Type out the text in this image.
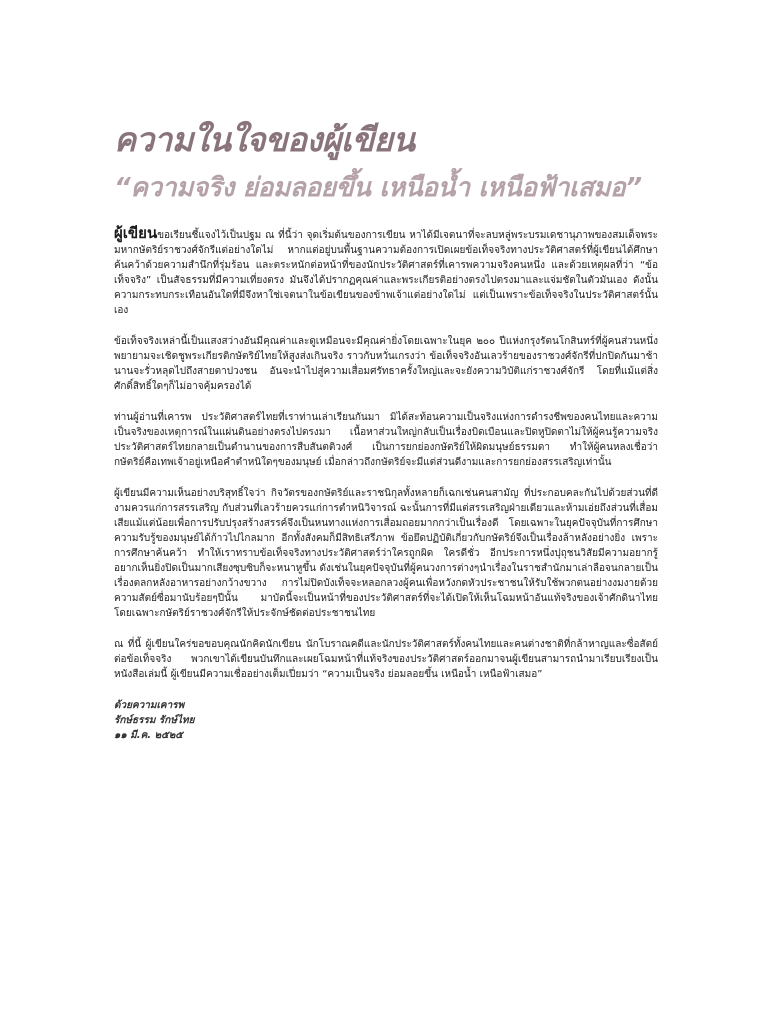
ความในใจของผู้เขียน
“ความจริง ย่อมลอยขึ้น เหนือน้ำ เหนือฟ้าเสมอ”

ผู้เขียนขอเรียนชี้แจงไว้เป็นปฐม ณ ที่นี้ว่า จุดเริ่มต้นของการเขียน หาได้มีเจตนาที่จะลบหลู่พระบรมเดชานุภาพของสมเด็จพระมหากษัตริย์ราชวงศ์จักรีแต่อย่างใดไม่ หากแต่อยู่บนพื้นฐานความต้องการเปิดเผยข้อเท็จจริงทางประวัติศาสตร์ที่ผู้เขียนได้ศึกษาค้นคว้าด้วยความสำนึกที่รุ่มร้อน และตระหนักต่อหน้าที่ของนักประวัติศาสตร์ที่เคารพความจริงคนหนึ่ง และด้วยเหตุผลที่ว่า “ข้อเท็จจริง” เป็นสัจธรรมที่มีความเที่ยงตรง มันจึงได้ปรากฏคุณค่าและพระเกียรติอย่างตรงไปตรงมาและแจ่มชัดในตัวมันเอง ดังนั้นความกระทบกระเทือนอันใดที่มีจึงหาใช่เจตนาในข้อเขียนของข้าพเจ้าแต่อย่างใดไม่ แต่เป็นเพราะข้อเท็จจริงในประวัติศาสตร์นั้นเอง

ข้อเท็จจริงเหล่านี้เป็นแสงสว่างอันมีคุณค่าและดูเหมือนจะมีคุณค่ายิ่งโดยเฉพาะในยุค ๒๐๐ ปีแห่งกรุงรัตนโกสินทร์ที่ผู้คนส่วนหนึ่งพยายามจะเชิดชูพระเกียรติกษัตริย์ไทยให้สูงส่งเกินจริง ราวกับหวั่นเกรงว่า ข้อเท็จจริงอันเลวร้ายของราชวงศ์จักรีที่ปกปิดกันมาช้านานจะรั่วหลุดไปถึงสายตาปวงชน อันจะนำไปสู่ความเสื่อมศรัทธาครั้งใหญ่และจะยังความวิบัติแก่ราชวงศ์จักรี โดยที่แม้แต่สิ่งศักดิ์สิทธิ์ใดๆก็ไม่อาจคุ้มครองได้

ท่านผู้อ่านที่เคารพ ประวัติศาสตร์ไทยที่เราท่านเล่าเรียนกันมา มิได้สะท้อนความเป็นจริงแห่งการดำรงชีพของคนไทยและความเป็นจริงของเหตุการณ์ในแผ่นดินอย่างตรงไปตรงมา เนื้อหาส่วนใหญ่กลับเป็นเรื่องบิดเบือนและปิดหูปิดตาไม่ให้ผู้คนรู้ความจริง ประวัติศาสตร์ไทยกลายเป็นตำนานของการสืบสันตติวงศ์ เป็นการยกย่องกษัตริย์ให้ผิดมนุษย์ธรรมดา ทำให้ผู้คนหลงเชื่อว่า กษัตริย์คือเทพเจ้าอยู่เหนือคำตำหนิใดๆของมนุษย์ เมื่อกล่าวถึงกษัตริย์จะมีแต่ส่วนดีงามและการยกย่องสรรเสริญเท่านั้น

ผู้เขียนมีความเห็นอย่างบริสุทธิ์ใจว่า กิจวัตรของกษัตริย์และราชนิกุลทั้งหลายก็เฉกเช่นคนสามัญ ที่ประกอบคละกันไปด้วยส่วนที่ดีงามควรแก่การสรรเสริญ กับส่วนที่เลวร้ายควรแก่การตำหนิวิจารณ์ ฉะนั้นการที่มีแต่สรรเสริญฝ่ายเดียวและห้ามเอ่ยถึงส่วนที่เสื่อมเสียแม้แต่น้อยเพื่อการปรับปรุงสร้างสรรค์จึงเป็นหนทางแห่งการเสื่อมถอยมากกว่าเป็นเรื่องดี โดยเฉพาะในยุคปัจจุบันที่การศึกษา ความรับรู้ของมนุษย์ได้ก้าวไปไกลมาก อีกทั้งสังคมก็มีสิทธิเสรีภาพ ข้อยึดปฏิบัติเกี่ยวกับกษัตริย์จึงเป็นเรื่องล้าหลังอย่างยิ่ง เพราะการศึกษาค้นคว้า ทำให้เราทราบข้อเท็จจริงทางประวัติศาสตร์ว่าใครถูกผิด ใครดีชั่ว อีกประการหนึ่งปุถุชนวิสัยมีความอยากรู้อยากเห็นยิ่งปิดเป็นมากเสียงซุบซิบก็จะหนาหูขึ้น ดังเช่นในยุคปัจจุบันที่ผู้คนวงการต่างๆนำเรื่องในราชสำนักมาเล่าลือจนกลายเป็นเรื่องตลกหลังอาหารอย่างกว้างขวาง การไม่ปิดบังเท็จจะหลอกลวงผู้คนเพื่อหวังกดหัวประชาชนให้รับใช้พวกตนอย่างงมงายด้วยความสัตย์ซื่อมานับร้อยๆปีนั้น มาบัดนี้จะเป็นหน้าที่ของประวัติศาสตร์ที่จะได้เปิดให้เห็นโฉมหน้าอันแท้จริงของเจ้าศักดินาไทย โดยเฉพาะกษัตริย์ราชวงศ์จักรีให้ประจักษ์ชัดต่อประชาชนไทย

ณ ที่นี้ ผู้เขียนใคร่ขอขอบคุณนักคิดนักเขียน นักโบราณคดีและนักประวัติศาสตร์ทั้งคนไทยและคนต่างชาติที่กล้าหาญและซื่อสัตย์ต่อข้อเท็จจริง พวกเขาได้เขียนบันทึกและเผยโฉมหน้าที่แท้จริงของประวัติศาสตร์ออกมาจนผู้เขียนสามารถนำมาเรียบเรียงเป็นหนังสือเล่มนี้ ผู้เขียนมีความเชื่ออย่างเต็มเปี่ยมว่า “ความเป็นจริง ย่อมลอยขึ้น เหนือน้ำ เหนือฟ้าเสมอ”

ด้วยความเคารพ
รักษ์ธรรม รักษ์ไทย
๑๑ มี.ค. ๒๕๒๕
